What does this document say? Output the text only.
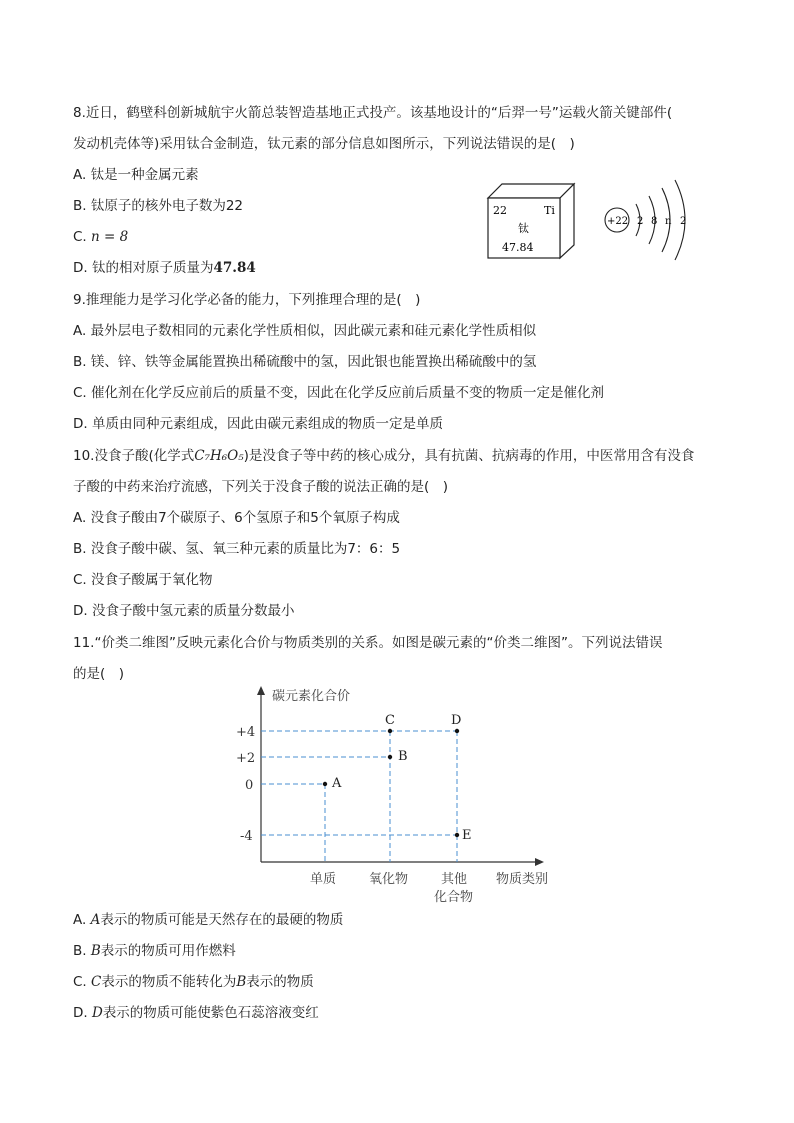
8.近日，鹤壁科创新城航宇火箭总装智造基地正式投产。该基地设计的“后羿一号”运载火箭关键部件(
发动机壳体等)采用钛合金制造，钛元素的部分信息如图所示，下列说法错误的是(　)
A. 钛是一种金属元素
B. 钛原子的核外电子数为22
C. n = 8
D. 钛的相对原子质量为47.84
22	Ti
钛
47.84
+22 2 8 n 2
9.推理能力是学习化学必备的能力，下列推理合理的是(　)
A. 最外层电子数相同的元素化学性质相似，因此碳元素和硅元素化学性质相似
B. 镁、锌、铁等金属能置换出稀硫酸中的氢，因此银也能置换出稀硫酸中的氢
C. 催化剂在化学反应前后的质量不变，因此在化学反应前后质量不变的物质一定是催化剂
D. 单质由同种元素组成，因此由碳元素组成的物质一定是单质
10.没食子酸(化学式C₇H₆O₅)是没食子等中药的核心成分，具有抗菌、抗病毒的作用，中医常用含有没食
子酸的中药来治疗流感，下列关于没食子酸的说法正确的是(　)
A. 没食子酸由7个碳原子、6个氢原子和5个氧原子构成
B. 没食子酸中碳、氢、氧三种元素的质量比为7：6：5
C. 没食子酸属于氧化物
D. 没食子酸中氢元素的质量分数最小
11.“价类二维图”反映元素化合价与物质类别的关系。如图是碳元素的“价类二维图”。下列说法错误
的是(　)
碳元素化合价
+4
+2
0
-4
A
B
C	D
E
单质	氧化物	其他
化合物
物质类别
A. A表示的物质可能是天然存在的最硬的物质
B. B表示的物质可用作燃料
C. C表示的物质不能转化为B表示的物质
D. D表示的物质可能使紫色石蕊溶液变红
